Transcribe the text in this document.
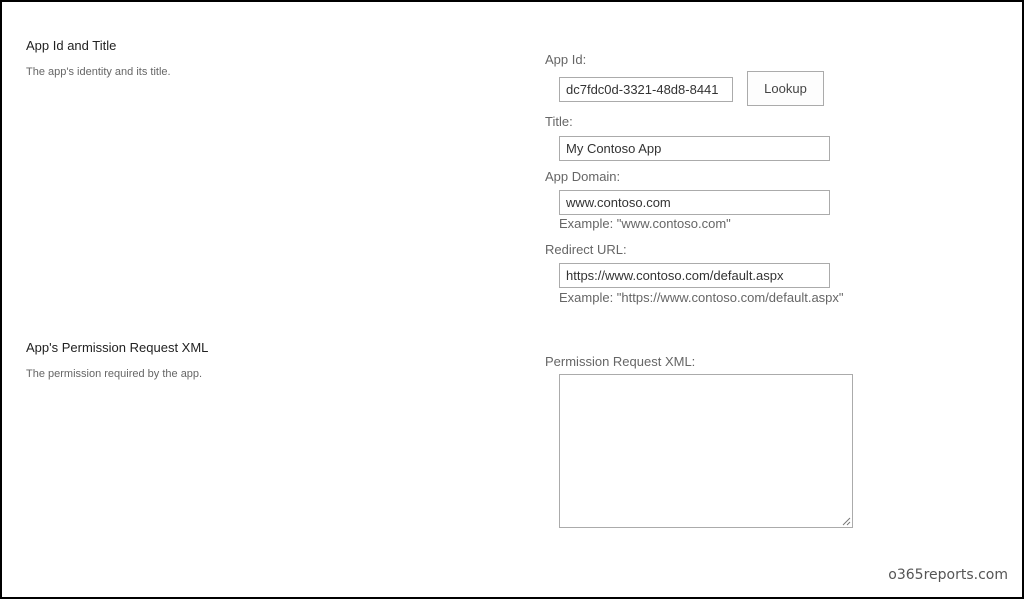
App Id and Title
The app's identity and its title.
App Id:
dc7fdc0d-3321-48d8-8441
Lookup
Title:
My Contoso App
App Domain:
www.contoso.com
Example: "www.contoso.com"
Redirect URL:
https://www.contoso.com/default.aspx
Example: "https://www.contoso.com/default.aspx"
App's Permission Request XML
The permission required by the app.
Permission Request XML:
o365reports.com
